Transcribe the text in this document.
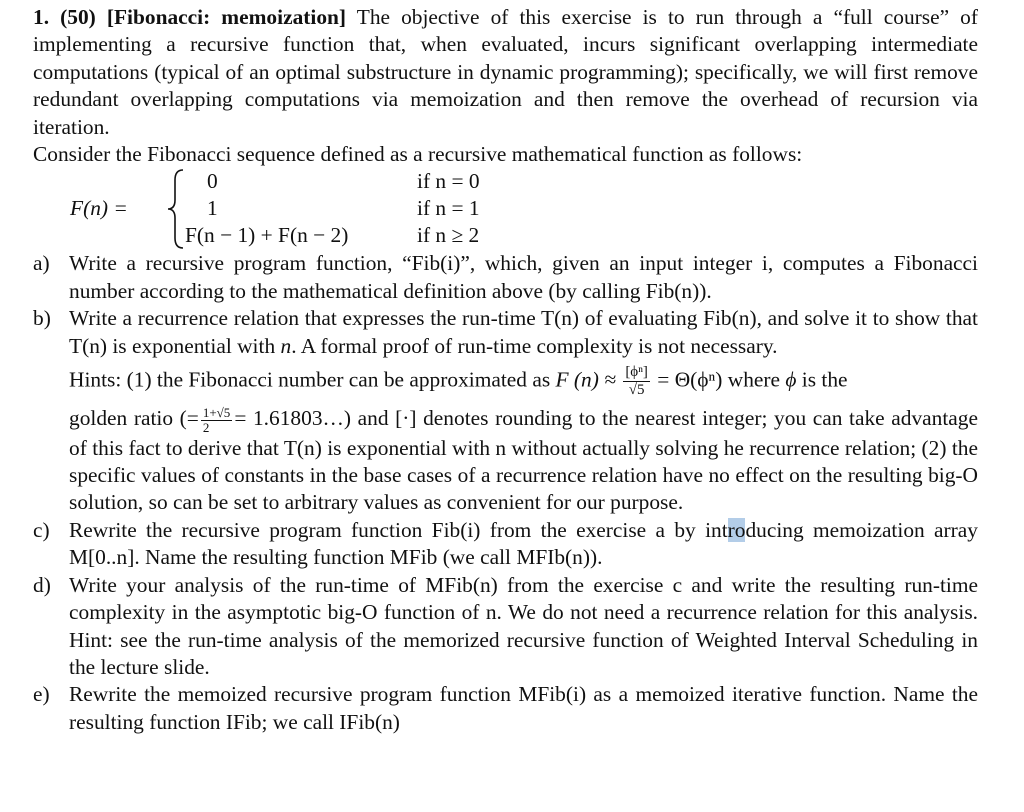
1. (50) [Fibonacci: memoization] The objective of this exercise is to run through a “full course” of implementing a recursive function that, when evaluated, incurs significant overlapping intermediate computations (typical of an optimal substructure in dynamic programming); specifically, we will first remove redundant overlapping computations via memoization and then remove the overhead of recursion via iteration.
Consider the Fibonacci sequence defined as a recursive mathematical function as follows:
F(n) =
0	if n = 0
1	if n = 1
F(n − 1) + F(n − 2)	if n ≥ 2
a) Write a recursive program function, “Fib(i)”, which, given an input integer i, computes a Fibonacci number according to the mathematical definition above (by calling Fib(n)).
b) Write a recurrence relation that expresses the run-time T(n) of evaluating Fib(n), and solve it to show that T(n) is exponential with n. A formal proof of run-time complexity is not necessary.
Hints: (1) the Fibonacci number can be approximated as F $(n) \approx \frac{\text{[ϕⁿ]}}{√5} = \Theta(\phi^n)$ where ϕ is the
golden ratio (= $\frac{1+√5}{2}$ = 1.61803…) and [·] denotes rounding to the nearest integer; you can take advantage of this fact to derive that T(n) is exponential with n without actually solving he recurrence relation; (2) the specific values of constants in the base cases of a recurrence relation have no effect on the resulting big-O solution, so can be set to arbitrary values as convenient for our purpose.
c) Rewrite the recursive program function Fib(i) from the exercise a by introducing memoization array M[0..n]. Name the resulting function MFib (we call MFIb(n)).
d) Write your analysis of the run-time of MFib(n) from the exercise c and write the resulting run-time complexity in the asymptotic big-O function of n. We do not need a recurrence relation for this analysis. Hint: see the run-time analysis of the memorized recursive function of Weighted Interval Scheduling in the lecture slide.
e) Rewrite the memoized recursive program function MFib(i) as a memoized iterative function. Name the resulting function IFib; we call IFib(n)
